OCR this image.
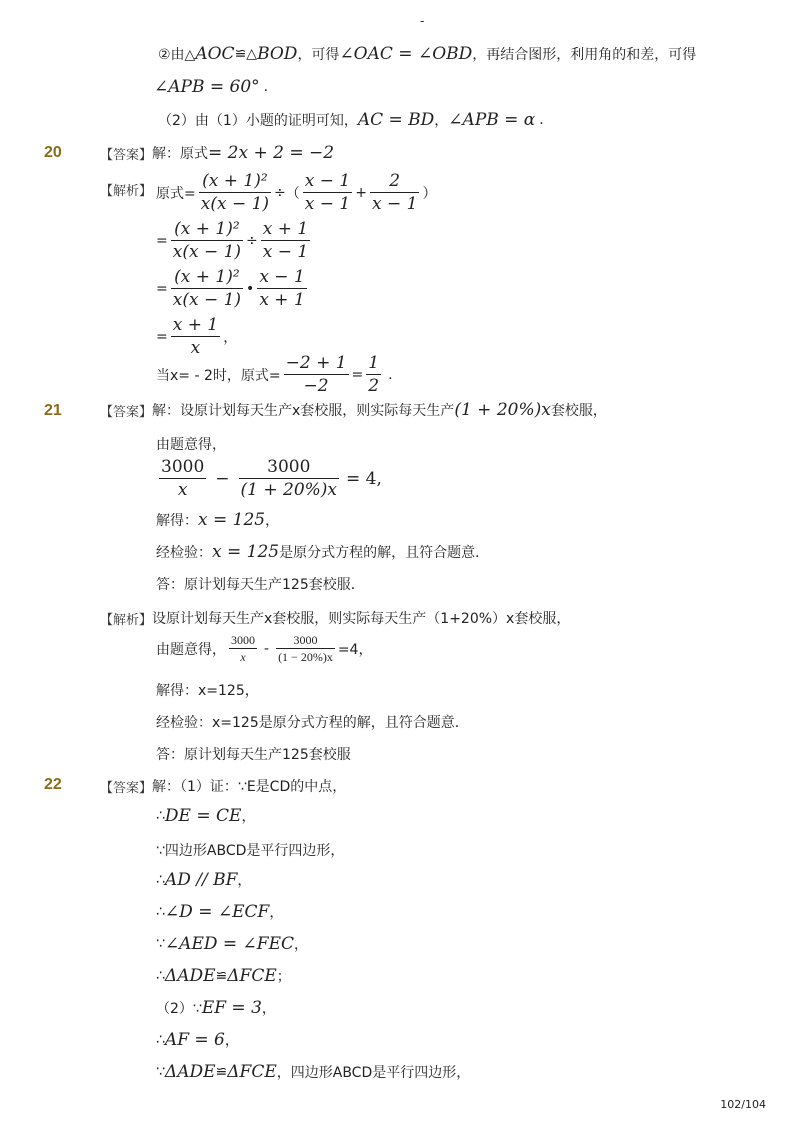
-
②由△ AOC ≌△ BOD ，可得 ∠OAC = ∠OBD ，再结合图形，利用角的和差，可得
∠APB = 60° .
（2）由（1）小题的证明可知， AC = BD ， ∠APB = α .
20	【答案】 解：原式 = 2x + 2 = −2
【解析】 原式= $\frac{\text{(x + 1)²}}{x(x - 1)}$ ÷ （ $\frac{x - 1}{x - 1} + \frac{2}{x - 1}$ ）
= $\frac{\text{(x + 1)²}}{x(x - 1)} \div \frac{x + 1}{x - 1}$
= $\frac{\text{(x + 1)²}}{x(x - 1)}$ • $\frac{x - 1}{x + 1}$
= $\frac{x + 1}{x}$ ，
当x= - 2时，原式= $\frac{-2 + 1}{-2} = \frac{1}{2}$ .
21	【答案】 解：设原计划每天生产x套校服，则实际每天生产 (1 + 20%)x 套校服，
由题意得，
$\frac{3000}{x} - \frac{3000}{(1 + 20\%)x} = 4$,
解得： x = 125 ，
经检验： x = 125 是原分式方程的解，且符合题意．
答：原计划每天生产125套校服．
【解析】 设原计划每天生产x套校服，则实际每天生产（1+20%）x套校服，
由题意得， $\frac{3000}{x} - \frac{3000}{(1 - 20\%)x} =4$，
解得：x=125，
经检验：x=125是原分式方程的解，且符合题意．
答：原计划每天生产125套校服
22	【答案】 解：（1）证：∵E是CD的中点，
∴ DE = CE ，
∵四边形ABCD是平行四边形，
∴ AD // BF ，
∴ ∠D = ∠ECF ，
∵ ∠AED = ∠FEC ，
∴ ΔADE ≌ ΔFCE ；
（2）∵ EF = 3 ，
∴ AF = 6 ，
∵ ΔADE ≌ ΔFCE ，四边形ABCD是平行四边形，
102/104
